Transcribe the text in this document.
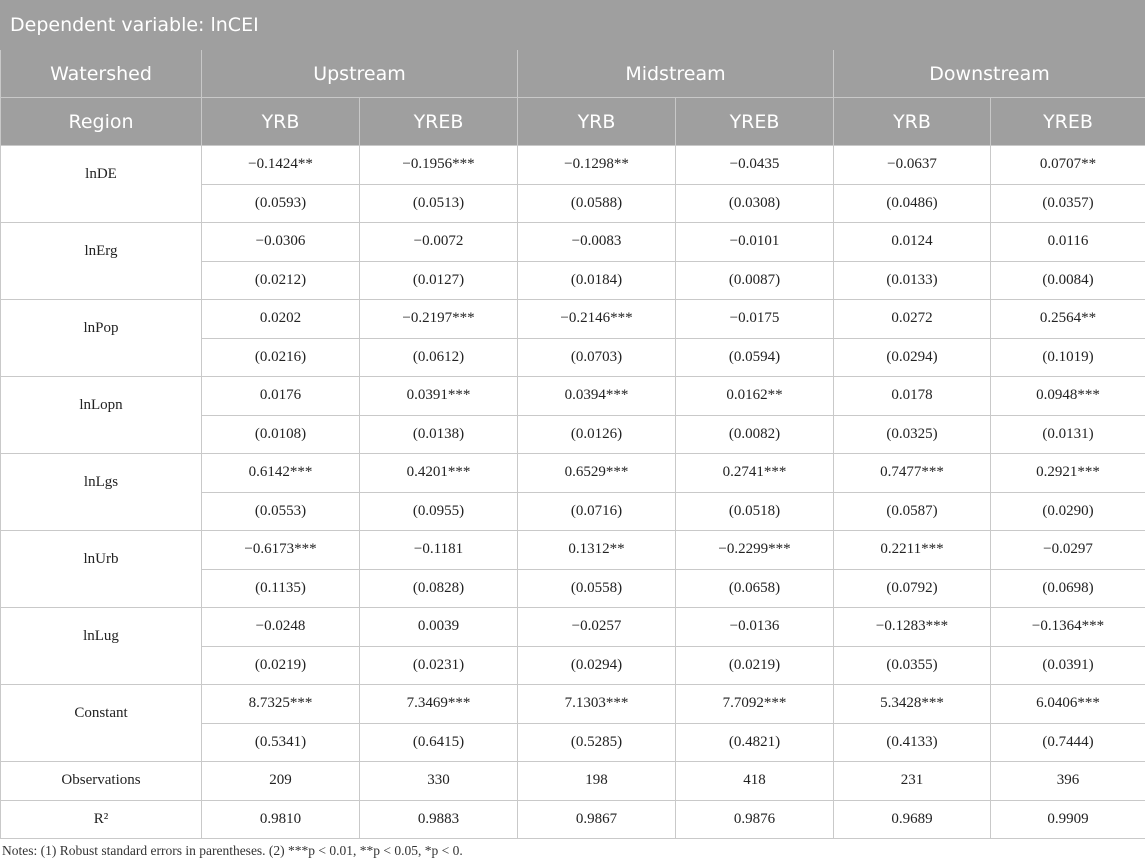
Dependent variable: lnCEI						
Watershed	Upstream		Midstream		Downstream	
Region	YRB	YREB	YRB	YREB	YRB	YREB
lnDE	−0.1424**	−0.1956***	−0.1298**	−0.0435	−0.0637	0.0707**
	(0.0593)	(0.0513)	(0.0588)	(0.0308)	(0.0486)	(0.0357)
lnErg	−0.0306	−0.0072	−0.0083	−0.0101	0.0124	0.0116
	(0.0212)	(0.0127)	(0.0184)	(0.0087)	(0.0133)	(0.0084)
lnPop	0.0202	−0.2197***	−0.2146***	−0.0175	0.0272	0.2564**
	(0.0216)	(0.0612)	(0.0703)	(0.0594)	(0.0294)	(0.1019)
lnLopn	0.0176	0.0391***	0.0394***	0.0162**	0.0178	0.0948***
	(0.0108)	(0.0138)	(0.0126)	(0.0082)	(0.0325)	(0.0131)
lnLgs	0.6142***	0.4201***	0.6529***	0.2741***	0.7477***	0.2921***
	(0.0553)	(0.0955)	(0.0716)	(0.0518)	(0.0587)	(0.0290)
lnUrb	−0.6173***	−0.1181	0.1312**	−0.2299***	0.2211***	−0.0297
	(0.1135)	(0.0828)	(0.0558)	(0.0658)	(0.0792)	(0.0698)
lnLug	−0.0248	0.0039	−0.0257	−0.0136	−0.1283***	−0.1364***
	(0.0219)	(0.0231)	(0.0294)	(0.0219)	(0.0355)	(0.0391)
Constant	8.7325***	7.3469***	7.1303***	7.7092***	5.3428***	6.0406***
	(0.5341)	(0.6415)	(0.5285)	(0.4821)	(0.4133)	(0.7444)
Observations	209	330	198	418	231	396
R²	0.9810	0.9883	0.9867	0.9876	0.9689	0.9909
Notes: (1) Robust standard errors in parentheses. (2) ***p < 0.01, **p < 0.05, *p < 0.
